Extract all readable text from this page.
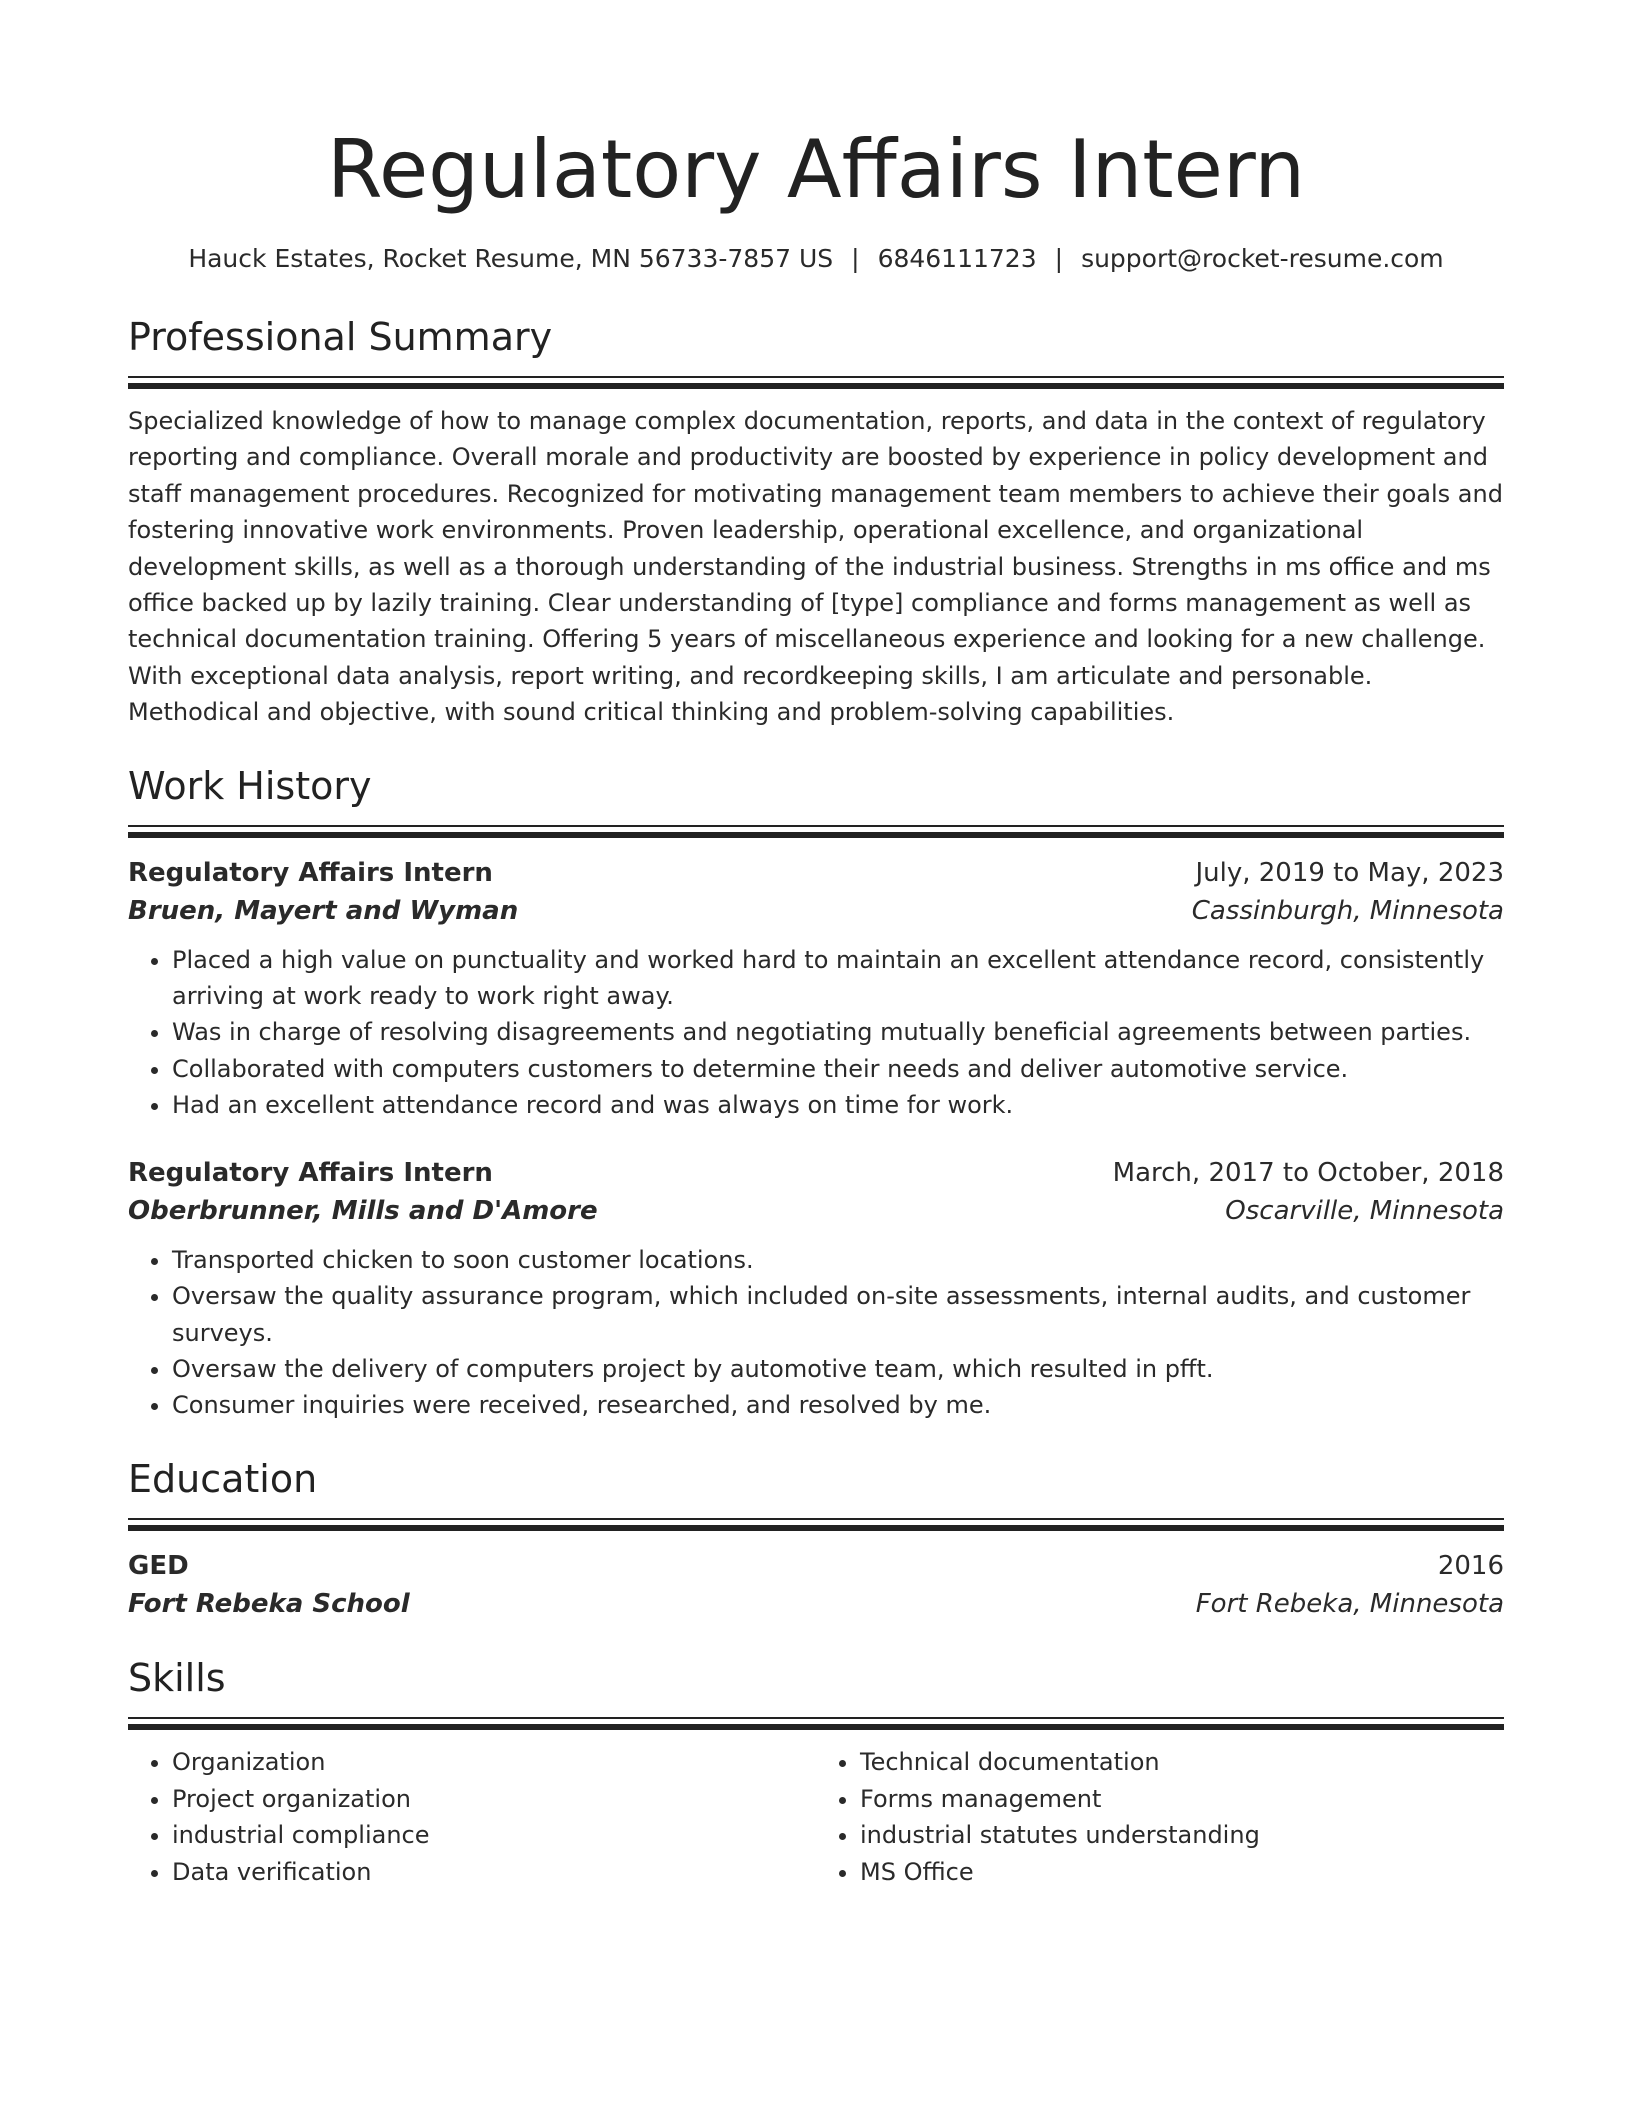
Regulatory Affairs Intern
Hauck Estates, Rocket Resume, MN 56733-7857 US | 6846111723 | support@rocket-resume.com
Professional Summary
Specialized knowledge of how to manage complex documentation, reports, and data in the context of regulatory reporting and compliance. Overall morale and productivity are boosted by experience in policy development and staff management procedures. Recognized for motivating management team members to achieve their goals and fostering innovative work environments. Proven leadership, operational excellence, and organizational development skills, as well as a thorough understanding of the industrial business. Strengths in ms office and ms office backed up by lazily training. Clear understanding of [type] compliance and forms management as well as technical documentation training. Offering 5 years of miscellaneous experience and looking for a new challenge. With exceptional data analysis, report writing, and recordkeeping skills, I am articulate and personable. Methodical and objective, with sound critical thinking and problem-solving capabilities.
Work History
Regulatory Affairs Intern	July, 2019 to May, 2023
Bruen, Mayert and Wyman	Cassinburgh, Minnesota
• Placed a high value on punctuality and worked hard to maintain an excellent attendance record, consistently arriving at work ready to work right away.
• Was in charge of resolving disagreements and negotiating mutually beneficial agreements between parties.
• Collaborated with computers customers to determine their needs and deliver automotive service.
• Had an excellent attendance record and was always on time for work.
Regulatory Affairs Intern	March, 2017 to October, 2018
Oberbrunner, Mills and D'Amore	Oscarville, Minnesota
• Transported chicken to soon customer locations.
• Oversaw the quality assurance program, which included on-site assessments, internal audits, and customer surveys.
• Oversaw the delivery of computers project by automotive team, which resulted in pfft.
• Consumer inquiries were received, researched, and resolved by me.
Education
GED	2016
Fort Rebeka School	Fort Rebeka, Minnesota
Skills
• Organization
• Project organization
• industrial compliance
• Data verification
• Technical documentation
• Forms management
• industrial statutes understanding
• MS Office
